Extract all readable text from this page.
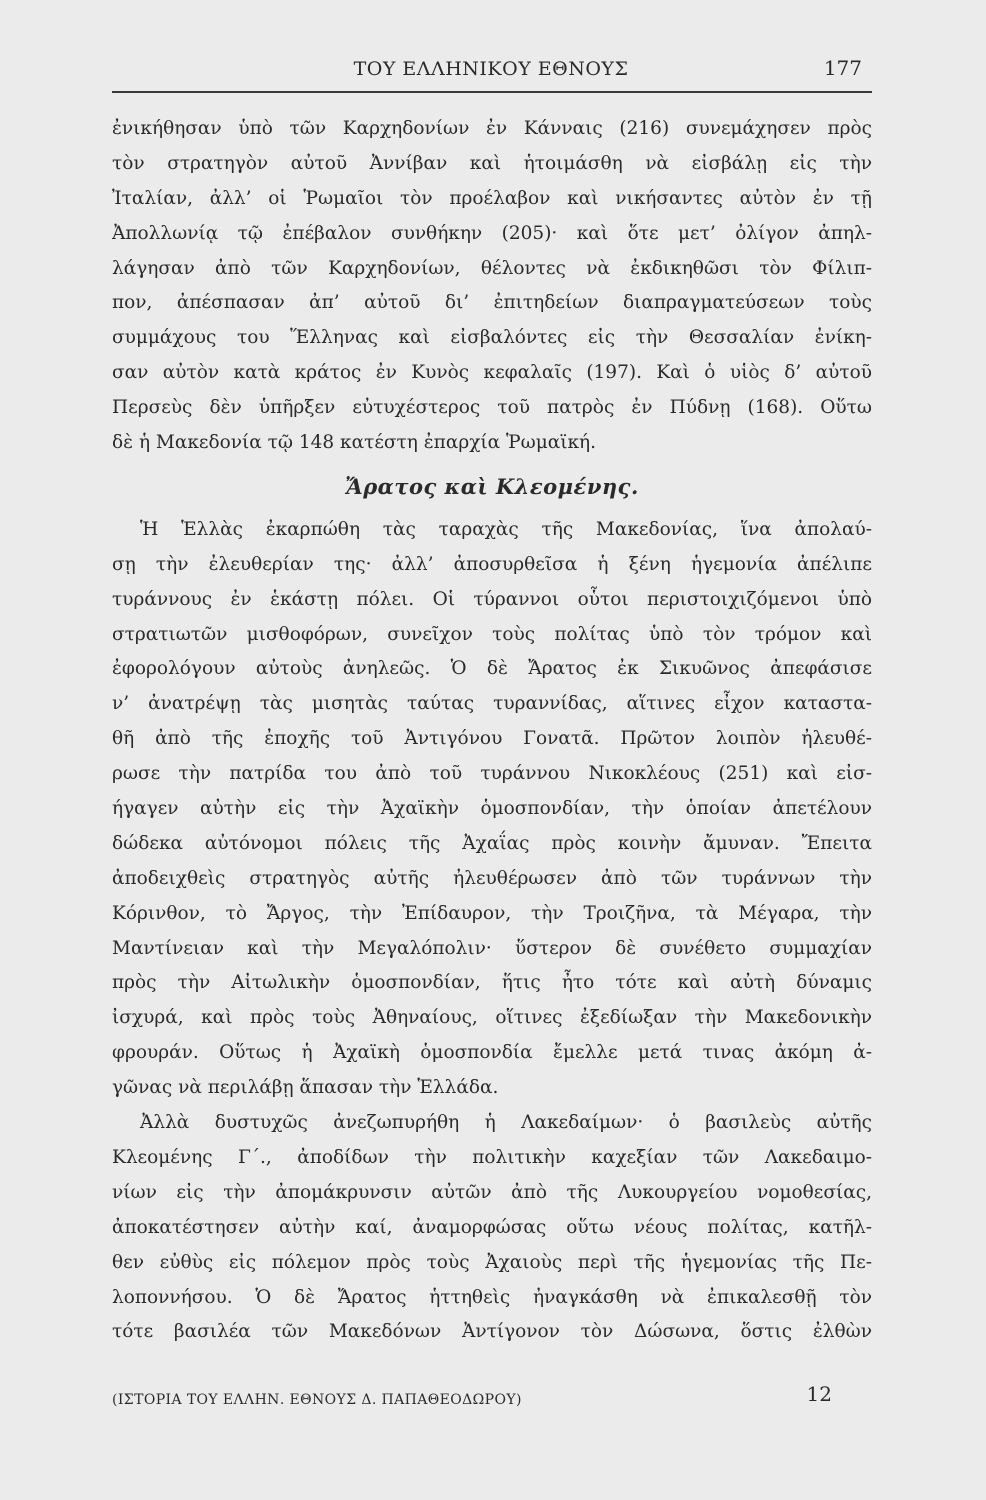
ΤΟΥ ΕΛΛΗΝΙΚΟΥ ΕΘΝΟΥΣ	177
ἐνικήθησαν ὑπὸ τῶν Καρχηδονίων ἐν Κάνναις (216) συνεμάχησεν πρὸς
τὸν στρατηγὸν αὐτοῦ Ἀννίβαν καὶ ἡτοιμάσθη νὰ εἰσβάλῃ εἰς τὴν
Ἰταλίαν, ἀλλ’ οἱ Ῥωμαῖοι τὸν προέλαβον καὶ νικήσαντες αὐτὸν ἐν τῇ
Ἀπολλωνίᾳ τῷ ἐπέβαλον συνθήκην (205)· καὶ ὅτε μετ’ ὀλίγον ἀπηλ-
λάγησαν ἀπὸ τῶν Καρχηδονίων, θέλοντες νὰ ἐκδικηθῶσι τὸν Φίλιπ-
πον, ἀπέσπασαν ἀπ’ αὐτοῦ δι’ ἐπιτηδείων διαπραγματεύσεων τοὺς
συμμάχους του Ἕλληνας καὶ εἰσβαλόντες εἰς τὴν Θεσσαλίαν ἐνίκη-
σαν αὐτὸν κατὰ κράτος ἐν Κυνὸς κεφαλαῖς (197). Καὶ ὁ υἱὸς δ’ αὐτοῦ
Περσεὺς δὲν ὑπῆρξεν εὐτυχέστερος τοῦ πατρὸς ἐν Πύδνῃ (168). Οὕτω
δὲ ἡ Μακεδονία τῷ 148 κατέστη ἐπαρχία Ῥωμαϊκή.
Ἄρατος καὶ Κλεομένης.
Ἡ Ἑλλὰς ἐκαρπώθη τὰς ταραχὰς τῆς Μακεδονίας, ἵνα ἀπολαύ-
σῃ τὴν ἐλευθερίαν της· ἀλλ’ ἀποσυρθεῖσα ἡ ξένη ἡγεμονία ἀπέλιπε
τυράννους ἐν ἑκάστῃ πόλει. Οἱ τύραννοι οὗτοι περιστοιχιζόμενοι ὑπὸ
στρατιωτῶν μισθοφόρων, συνεῖχον τοὺς πολίτας ὑπὸ τὸν τρόμον καὶ
ἐφορολόγουν αὐτοὺς ἀνηλεῶς. Ὁ δὲ Ἄρατος ἐκ Σικυῶνος ἀπεφάσισε
ν’ ἀνατρέψῃ τὰς μισητὰς ταύτας τυραννίδας, αἵτινες εἶχον καταστα-
θῆ ἀπὸ τῆς ἐποχῆς τοῦ Ἀντιγόνου Γονατᾶ. Πρῶτον λοιπὸν ἠλευθέ-
ρωσε τὴν πατρίδα του ἀπὸ τοῦ τυράννου Νικοκλέους (251) καὶ εἰσ-
ήγαγεν αὐτὴν εἰς τὴν Ἀχαϊκὴν ὁμοσπονδίαν, τὴν ὁποίαν ἀπετέλουν
δώδεκα αὐτόνομοι πόλεις τῆς Ἀχαΐας πρὸς κοινὴν ἄμυναν. Ἔπειτα
ἀποδειχθεὶς στρατηγὸς αὐτῆς ἠλευθέρωσεν ἀπὸ τῶν τυράννων τὴν
Κόρινθον, τὸ Ἄργος, τὴν Ἐπίδαυρον, τὴν Τροιζῆνα, τὰ Μέγαρα, τὴν
Μαντίνειαν καὶ τὴν Μεγαλόπολιν· ὕστερον δὲ συνέθετο συμμαχίαν
πρὸς τὴν Αἰτωλικὴν ὁμοσπονδίαν, ἥτις ἦτο τότε καὶ αὐτὴ δύναμις
ἰσχυρά, καὶ πρὸς τοὺς Ἀθηναίους, οἵτινες ἐξεδίωξαν τὴν Μακεδονικὴν
φρουράν. Οὕτως ἡ Ἀχαϊκὴ ὁμοσπονδία ἔμελλε μετά τινας ἀκόμη ἀ-
γῶνας νὰ περιλάβῃ ἅπασαν τὴν Ἑλλάδα.
Ἀλλὰ δυστυχῶς ἀνεζωπυρήθη ἡ Λακεδαίμων· ὁ βασιλεὺς αὐτῆς
Κλεομένης Γ΄., ἀποδίδων τὴν πολιτικὴν καχεξίαν τῶν Λακεδαιμο-
νίων εἰς τὴν ἀπομάκρυνσιν αὐτῶν ἀπὸ τῆς Λυκουργείου νομοθεσίας,
ἀποκατέστησεν αὐτὴν καί, ἀναμορφώσας οὕτω νέους πολίτας, κατῆλ-
θεν εὐθὺς εἰς πόλεμον πρὸς τοὺς Ἀχαιοὺς περὶ τῆς ἡγεμονίας τῆς Πε-
λοποννήσου. Ὁ δὲ Ἄρατος ἡττηθεὶς ἠναγκάσθη νὰ ἐπικαλεσθῇ τὸν
τότε βασιλέα τῶν Μακεδόνων Ἀντίγονον τὸν Δώσωνα, ὅστις ἐλθὼν
(ΙΣΤΟΡΙΑ ΤΟΥ ΕΛΛΗΝ. ΕΘΝΟΥΣ Δ. ΠΑΠΑΘΕΟΔΩΡΟΥ)	12
